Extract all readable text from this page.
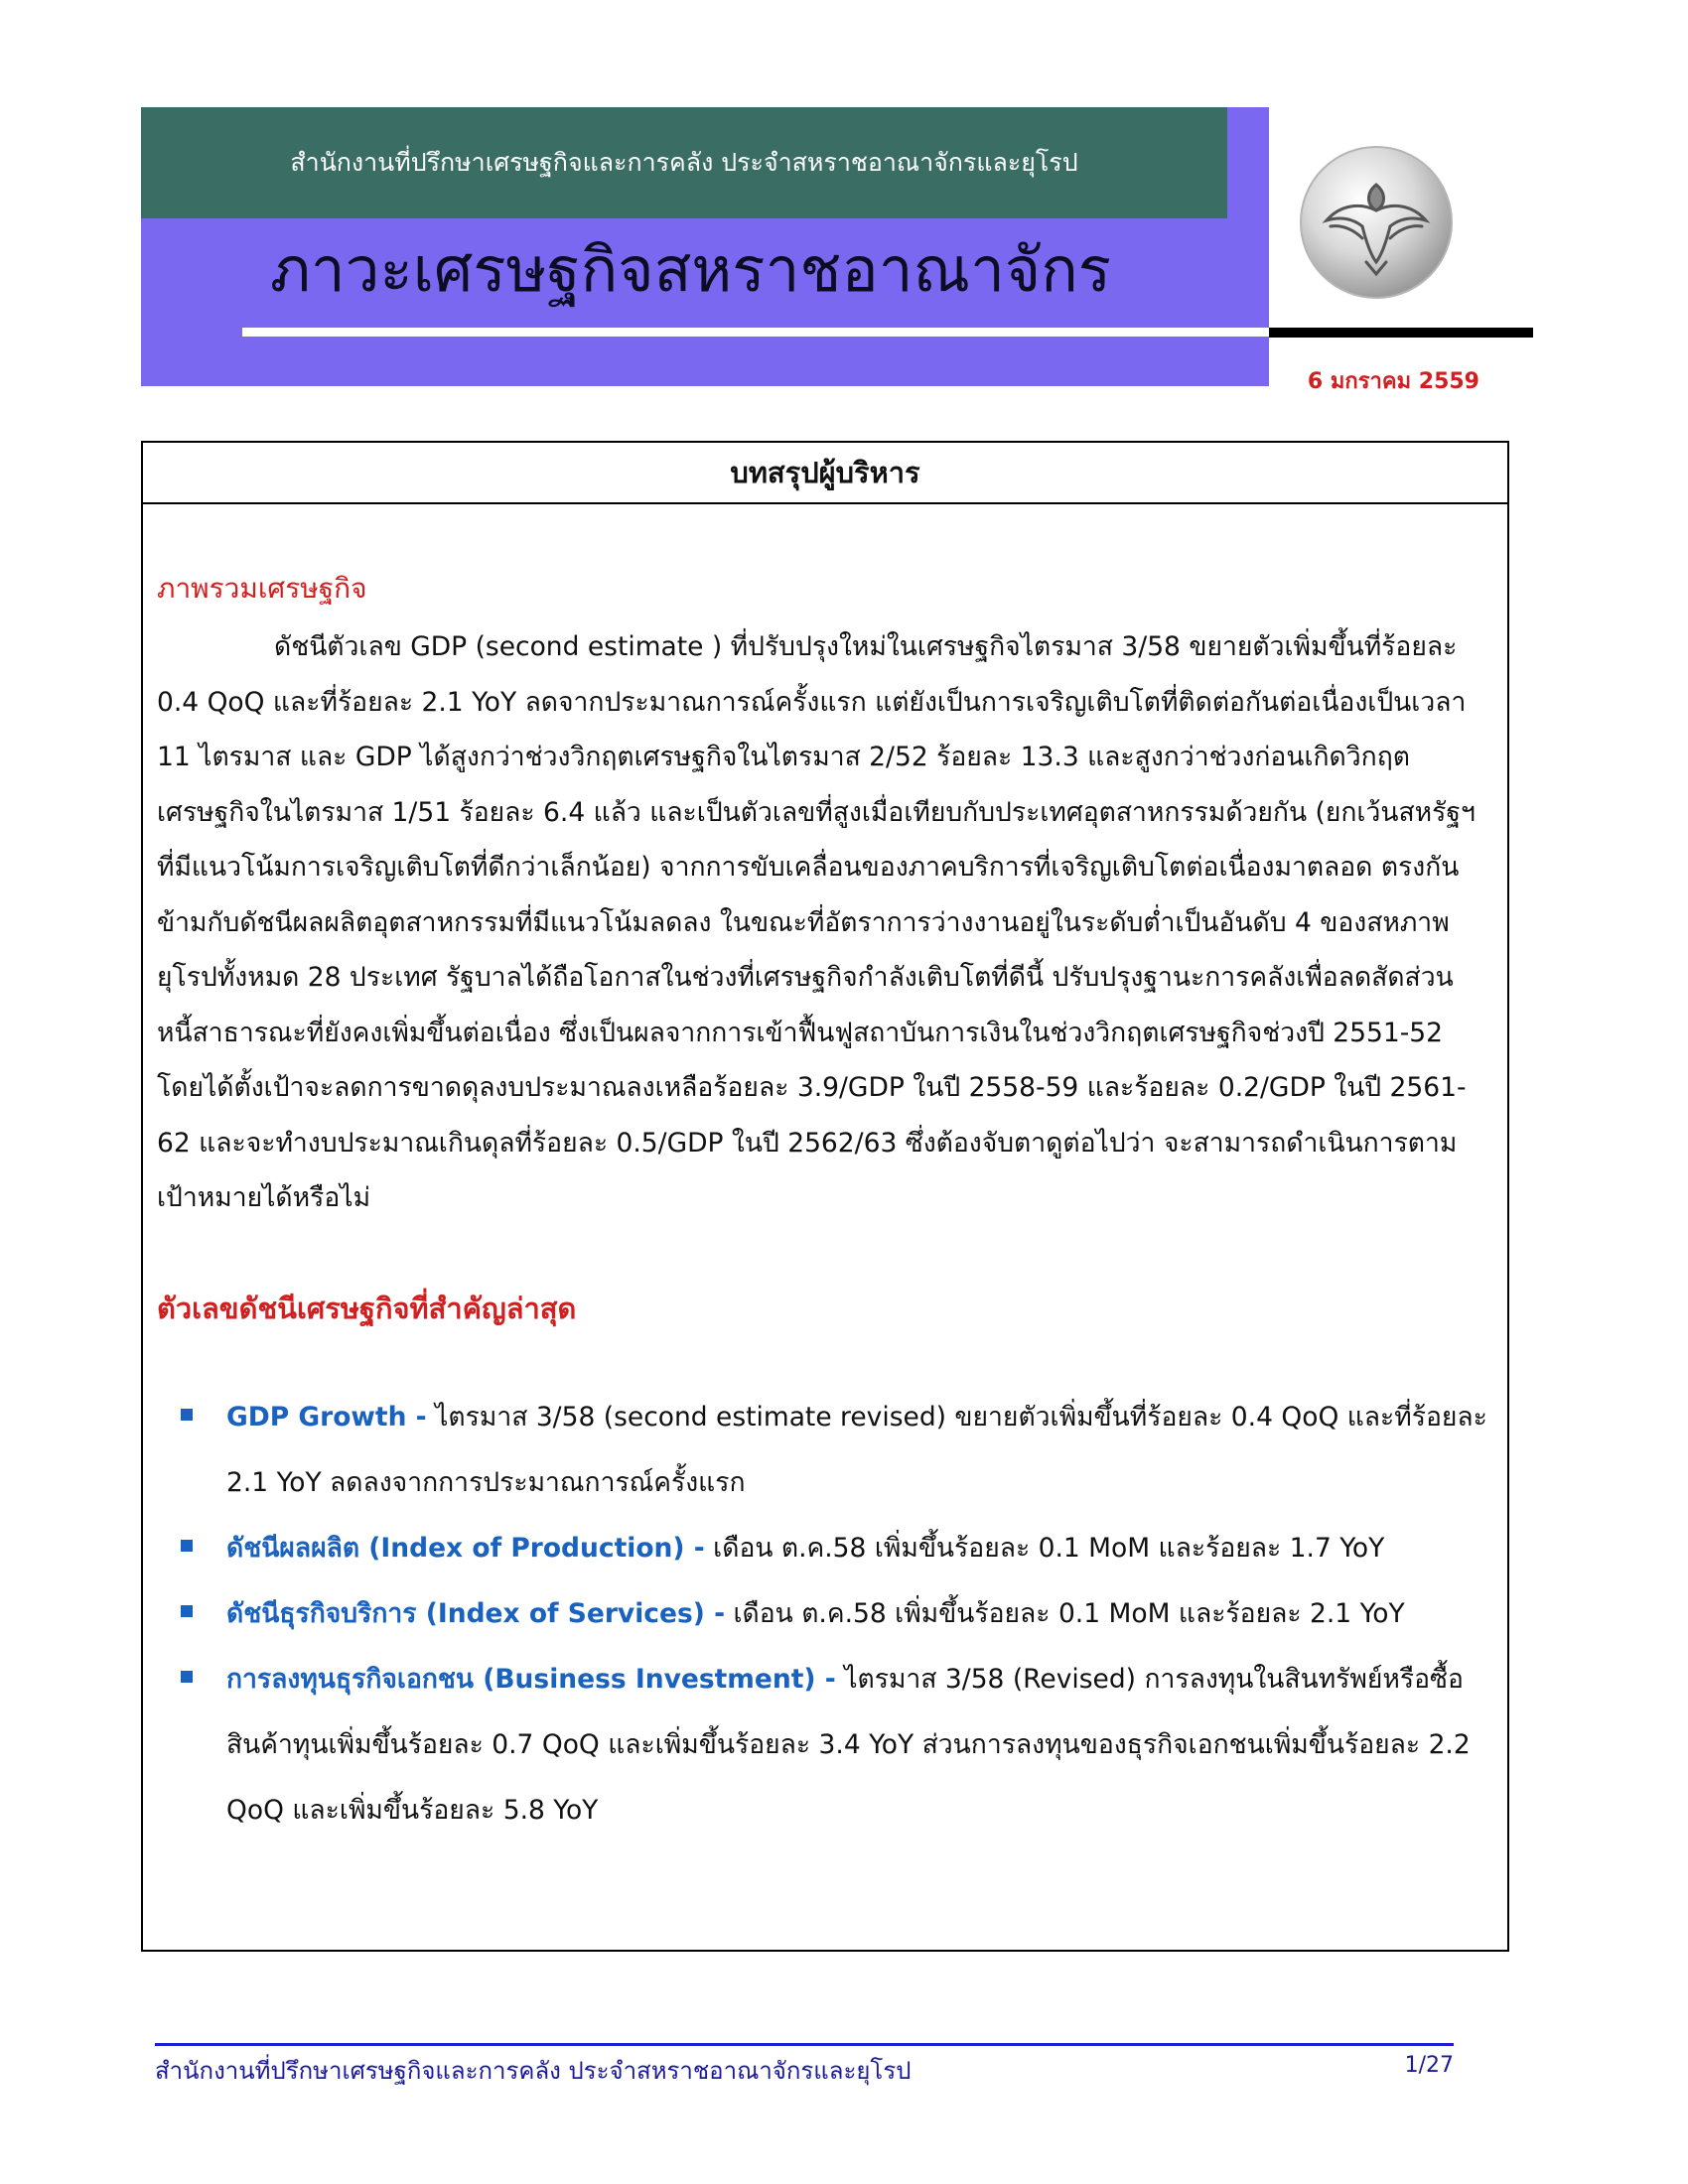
สำนักงานที่ปรึกษาเศรษฐกิจและการคลัง ประจำสหราชอาณาจักรและยุโรป
ภาวะเศรษฐกิจสหราชอาณาจักร
6 มกราคม 2559
บทสรุปผู้บริหาร
ภาพรวมเศรษฐกิจ

ดัชนีตัวเลข GDP (second estimate ) ที่ปรับปรุงใหม่ในเศรษฐกิจไตรมาส 3/58 ขยายตัวเพิ่มขึ้นที่ร้อยละ 0.4 QoQ และที่ร้อยละ 2.1 YoY ลดจากประมาณการณ์ครั้งแรก แต่ยังเป็นการเจริญเติบโตที่ติดต่อกันต่อเนื่องเป็นเวลา 11 ไตรมาส และ GDP ได้สูงกว่าช่วงวิกฤตเศรษฐกิจในไตรมาส 2/52 ร้อยละ 13.3 และสูงกว่าช่วงก่อนเกิดวิกฤตเศรษฐกิจในไตรมาส 1/51 ร้อยละ 6.4 แล้ว และเป็นตัวเลขที่สูงเมื่อเทียบกับประเทศอุตสาหกรรมด้วยกัน (ยกเว้นสหรัฐฯ ที่มีแนวโน้มการเจริญเติบโตที่ดีกว่าเล็กน้อย) จากการขับเคลื่อนของภาคบริการที่เจริญเติบโตต่อเนื่องมาตลอด ตรงกันข้ามกับดัชนีผลผลิตอุตสาหกรรมที่มีแนวโน้มลดลง ในขณะที่อัตราการว่างงานอยู่ในระดับต่ำเป็นอันดับ 4 ของสหภาพยุโรปทั้งหมด 28 ประเทศ รัฐบาลได้ถือโอกาสในช่วงที่เศรษฐกิจกำลังเติบโตที่ดีนี้ ปรับปรุงฐานะการคลังเพื่อลดสัดส่วนหนี้สาธารณะที่ยังคงเพิ่มขึ้นต่อเนื่อง ซึ่งเป็นผลจากการเข้าฟื้นฟูสถาบันการเงินในช่วงวิกฤตเศรษฐกิจช่วงปี 2551-52 โดยได้ตั้งเป้าจะลดการขาดดุลงบประมาณลงเหลือร้อยละ 3.9/GDP ในปี 2558-59 และร้อยละ 0.2/GDP ในปี 2561-62 และจะทำงบประมาณเกินดุลที่ร้อยละ 0.5/GDP ในปี 2562/63 ซึ่งต้องจับตาดูต่อไปว่า จะสามารถดำเนินการตามเป้าหมายได้หรือไม่

ตัวเลขดัชนีเศรษฐกิจที่สำคัญล่าสุด
GDP Growth - ไตรมาส 3/58 (second estimate revised) ขยายตัวเพิ่มขึ้นที่ร้อยละ 0.4 QoQ และที่ร้อยละ 2.1 YoY ลดลงจากการประมาณการณ์ครั้งแรก
ดัชนีผลผลิต (Index of Production) - เดือน ต.ค.58 เพิ่มขึ้นร้อยละ 0.1 MoM และร้อยละ 1.7 YoY
ดัชนีธุรกิจบริการ (Index of Services) - เดือน ต.ค.58 เพิ่มขึ้นร้อยละ 0.1 MoM และร้อยละ 2.1 YoY
การลงทุนธุรกิจเอกชน (Business Investment) - ไตรมาส 3/58 (Revised) การลงทุนในสินทรัพย์หรือซื้อสินค้าทุนเพิ่มขึ้นร้อยละ 0.7 QoQ และเพิ่มขึ้นร้อยละ 3.4 YoY ส่วนการลงทุนของธุรกิจเอกชนเพิ่มขึ้นร้อยละ 2.2 QoQ และเพิ่มขึ้นร้อยละ 5.8 YoY
สำนักงานที่ปรึกษาเศรษฐกิจและการคลัง ประจำสหราชอาณาจักรและยุโรป	1/27
